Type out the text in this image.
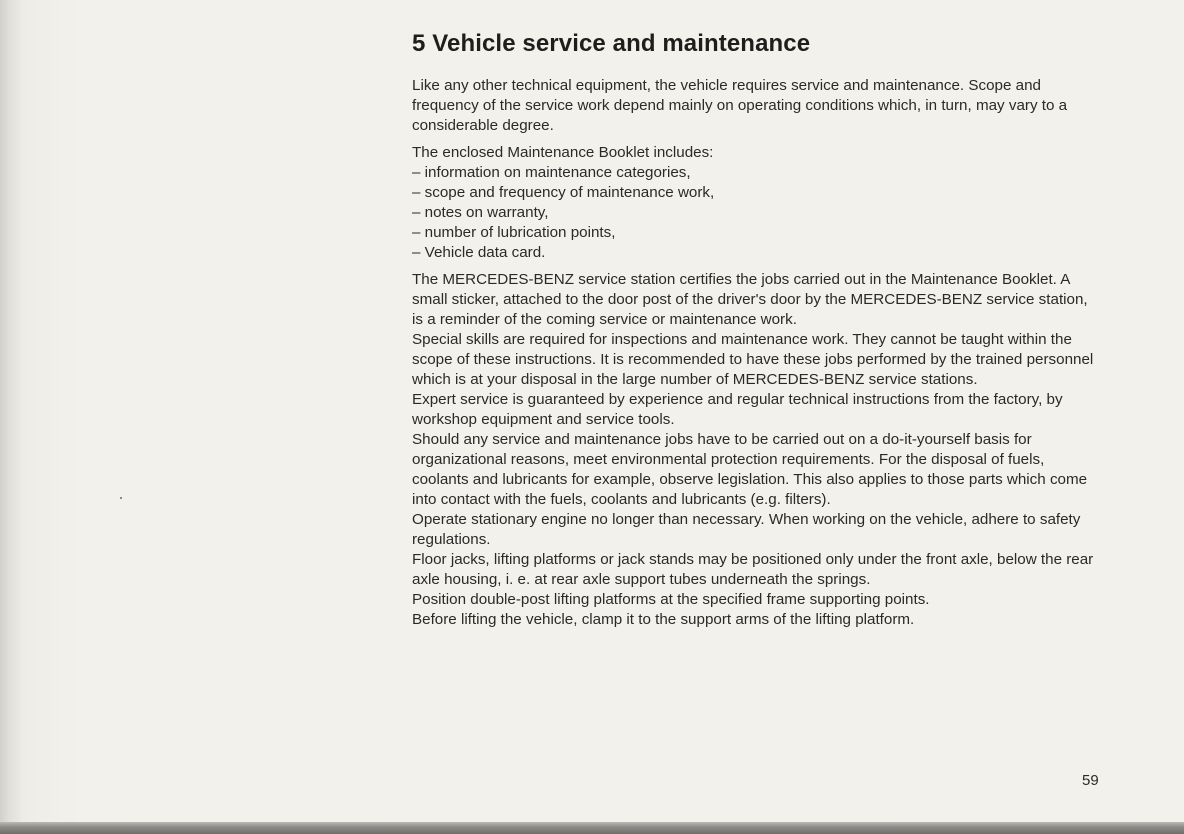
5 Vehicle service and maintenance

Like any other technical equipment, the vehicle requires service and maintenance. Scope and frequency of the service work depend mainly on operating conditions which, in turn, may vary to a considerable degree.

The enclosed Maintenance Booklet includes:

– information on maintenance categories,
– scope and frequency of maintenance work,
– notes on warranty,
– number of lubrication points,
– Vehicle data card.

The MERCEDES-BENZ service station certifies the jobs carried out in the Maintenance Booklet. A small sticker, attached to the door post of the driver's door by the MERCEDES-BENZ service station, is a reminder of the coming service or maintenance work.

Special skills are required for inspections and maintenance work. They cannot be taught within the scope of these instructions. It is recommended to have these jobs performed by the trained personnel which is at your disposal in the large number of MERCEDES-BENZ service stations.

Expert service is guaranteed by experience and regular technical instructions from the factory, by workshop equipment and service tools.

Should any service and maintenance jobs have to be carried out on a do-it-yourself basis for organizational reasons, meet environmental protection requirements. For the disposal of fuels, coolants and lubricants for example, observe legislation. This also applies to those parts which come into contact with the fuels, coolants and lubricants (e.g. filters).

Operate stationary engine no longer than necessary. When working on the vehicle, adhere to safety regulations.

Floor jacks, lifting platforms or jack stands may be positioned only under the front axle, below the rear axle housing, i. e. at rear axle support tubes underneath the springs.

Position double-post lifting platforms at the specified frame supporting points.

Before lifting the vehicle, clamp it to the support arms of the lifting platform.

59
